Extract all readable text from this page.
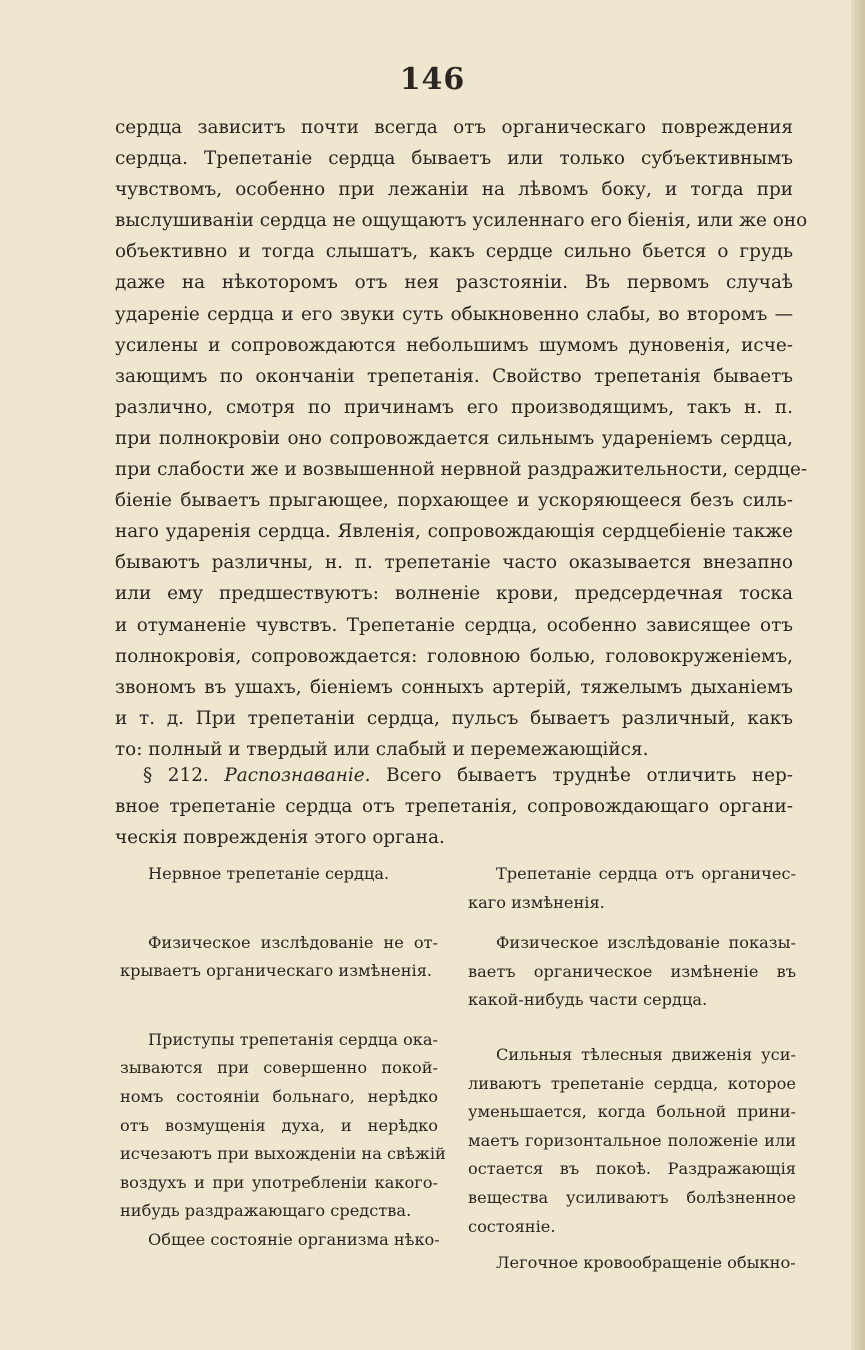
146
сердца зависитъ почти всегда отъ органическаго повреждения
сердца. Трепетаніе сердца бываетъ или только субъективнымъ
чувствомъ, особенно при лежаніи на лѣвомъ боку, и тогда при
выслушиваніи сердца не ощущаютъ усиленнаго его біенія, или же оно
объективно и тогда слышатъ, какъ сердце сильно бьется о грудь
даже на нѣкоторомъ отъ нея разстояніи. Въ первомъ случаѣ
удареніе сердца и его звуки суть обыкновенно слабы, во второмъ —
усилены и сопровождаются небольшимъ шумомъ дуновенія, исче-
зающимъ по окончаніи трепетанія. Свойство трепетанія бываетъ
различно, смотря по причинамъ его производящимъ, такъ н. п.
при полнокровіи оно сопровождается сильнымъ удареніемъ сердца,
при слабости же и возвышенной нервной раздражительности, сердце-
біеніе бываетъ прыгающее, порхающее и ускоряющееся безъ силь-
наго ударенія сердца. Явленія, сопровождающія сердцебіеніе также
бываютъ различны, н. п. трепетаніе часто оказывается внезапно
или ему предшествуютъ: волненіе крови, предсердечная тоска
и отуманеніе чувствъ. Трепетаніе сердца, особенно зависящее отъ
полнокровія, сопровождается: головною болью, головокруженіемъ,
звономъ въ ушахъ, біеніемъ сонныхъ артерій, тяжелымъ дыханіемъ
и т. д. При трепетаніи сердца, пульсъ бываетъ различный, какъ
то: полный и твердый или слабый и перемежающійся.
§ 212. Распознаваніе. Всего бываетъ труднѣе отличить нер-
вное трепетаніе сердца отъ трепетанія, сопровождающаго органи-
ческія поврежденія этого органа.
Нервное трепетаніе сердца.
Физическое изслѣдованіе не от-
крываетъ органическаго измѣненія.
Приступы трепетанія сердца ока-
зываются при совершенно покой-
номъ состояніи больнаго, нерѣдко
отъ возмущенія духа, и нерѣдко
исчезаютъ при выхожденіи на свѣжій
воздухъ и при употребленіи какого-
нибудь раздражающаго средства.
Общее состояніе организма нѣко-
Трепетаніе сердца отъ органичес-
каго измѣненія.
Физическое изслѣдованіе показы-
ваетъ органическое измѣненіе въ
какой-нибудь части сердца.
Сильныя тѣлесныя движенія уси-
ливаютъ трепетаніе сердца, которое
уменьшается, когда больной прини-
маетъ горизонтальное положеніе или
остается въ покоѣ. Раздражающія
вещества усиливаютъ болѣзненное
состояніе.
Легочное кровообращеніе обыкно-
